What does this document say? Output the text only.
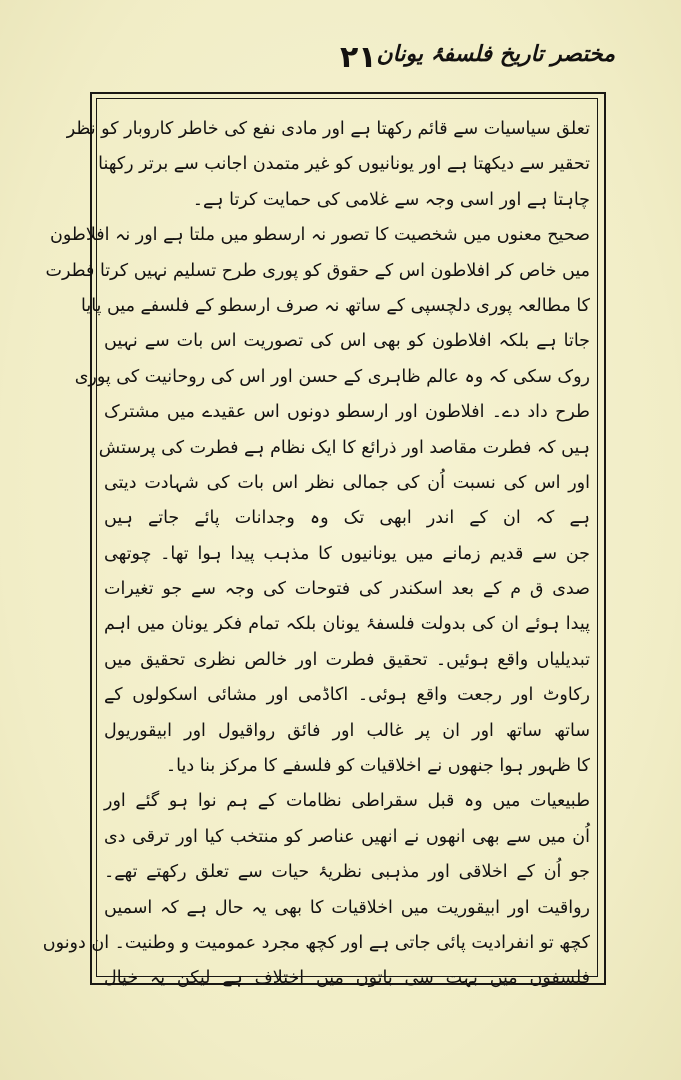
مختصر تاریخ فلسفۂ یونان
۲۱
تعلق سیاسیات سے قائم رکھتا ہے اور مادی نفع کی خاطر کاروبار کو نظر
تحقیر سے دیکھتا ہے اور یونانیوں کو غیر متمدن اجانب سے برتر رکھنا
چاہتا ہے اور اسی وجہ سے غلامی کی حمایت کرتا ہے۔
صحیح معنوں میں شخصیت کا تصور نہ ارسطو میں ملتا ہے اور نہ افلاطون
میں خاص کر افلاطون اس کے حقوق کو پوری طرح تسلیم نہیں کرتا فطرت
کا مطالعہ پوری دلچسپی کے ساتھ نہ صرف ارسطو کے فلسفے میں پایا
جاتا ہے بلکہ افلاطون کو بھی اس کی تصوریت اس بات سے نہیں
روک سکی کہ وہ عالم ظاہری کے حسن اور اس کی روحانیت کی پوری
طرح داد دے۔ افلاطون اور ارسطو دونوں اس عقیدے میں مشترک
ہیں کہ فطرت مقاصد اور ذرائع کا ایک نظام ہے فطرت کی پرستش
اور اس کی نسبت اُن کی جمالی نظر اس بات کی شہادت دیتی
ہے کہ ان کے اندر ابھی تک وہ وجدانات پائے جاتے ہیں
جن سے قدیم زمانے میں یونانیوں کا مذہب پیدا ہوا تھا۔ چوتھی
صدی ق م کے بعد اسکندر کی فتوحات کی وجہ سے جو تغیرات
پیدا ہوئے ان کی بدولت فلسفۂ یونان بلکہ تمام فکر یونان میں اہم
تبدیلیاں واقع ہوئیں۔ تحقیق فطرت اور خالص نظری تحقیق میں
رکاوٹ اور رجعت واقع ہوئی۔ اکاڈمی اور مشائی اسکولوں کے
ساتھ ساتھ اور ان پر غالب اور فائق رواقیول اور ابیقوریول
کا ظہور ہوا جنھوں نے اخلاقیات کو فلسفے کا مرکز بنا دیا۔
طبیعیات میں وہ قبل سقراطی نظامات کے ہم نوا ہو گئے اور
اُن میں سے بھی انھوں نے انھیں عناصر کو منتخب کیا اور ترقی دی
جو اُن کے اخلاقی اور مذہبی نظریۂ حیات سے تعلق رکھتے تھے۔
رواقیت اور ابیقوریت میں اخلاقیات کا بھی یہ حال ہے کہ اسمیں
کچھ تو انفرادیت پائی جاتی ہے اور کچھ مجرد عمومیت و وطنیت۔ ان دونوں
فلسفوں میں بہت سی باتوں میں اختلاف ہے لیکن یہ خیال
